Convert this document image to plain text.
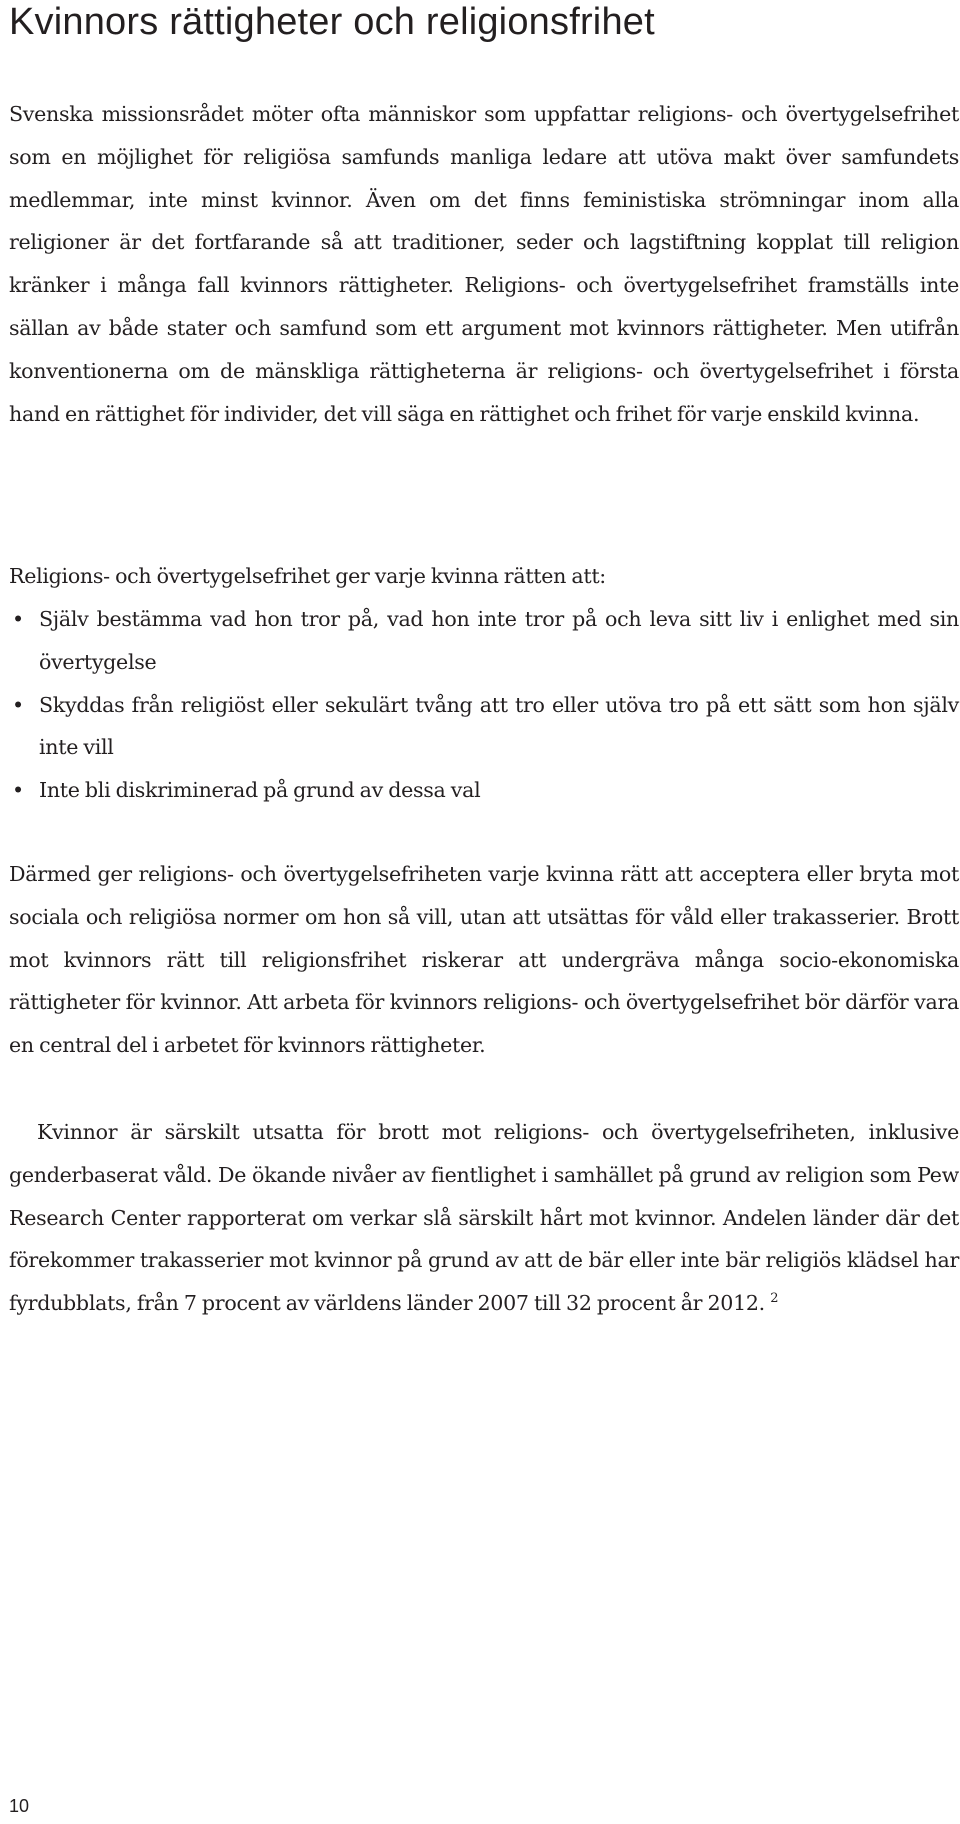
Kvinnors rättigheter och religionsfrihet

Svenska missionsrådet möter ofta människor som uppfattar religions- och övertygelsefrihet som en möjlighet för religiösa samfunds manliga ledare att utöva makt över samfundets medlemmar, inte minst kvinnor. Även om det finns feministiska strömningar inom alla religioner är det fortfarande så att traditioner, seder och lagstiftning kopplat till religion kränker i många fall kvinnors rättigheter. Religions- och övertygelsefrihet framställs inte sällan av både stater och samfund som ett argument mot kvinnors rättigheter. Men utifrån konventionerna om de mänskliga rättigheterna är religions- och övertygelsefrihet i första hand en rättighet för individer, det vill säga en rättighet och frihet för varje enskild kvinna.

Religions- och övertygelsefrihet ger varje kvinna rätten att:

• Själv bestämma vad hon tror på, vad hon inte tror på och leva sitt liv i enlighet med sin övertygelse
• Skyddas från religiöst eller sekulärt tvång att tro eller utöva tro på ett sätt som hon själv inte vill
• Inte bli diskriminerad på grund av dessa val

Därmed ger religions- och övertygelsefriheten varje kvinna rätt att acceptera eller bryta mot sociala och religiösa normer om hon så vill, utan att utsättas för våld eller trakasserier. Brott mot kvinnors rätt till religionsfrihet riskerar att undergräva många socio-ekonomiska rättigheter för kvinnor. Att arbeta för kvinnors religions- och övertygelsefrihet bör därför vara en central del i arbetet för kvinnors rättigheter.

Kvinnor är särskilt utsatta för brott mot religions- och övertygelsefriheten, inklusive genderbaserat våld. De ökande nivåer av fientlighet i samhället på grund av religion som Pew Research Center rapporterat om verkar slå särskilt hårt mot kvinnor. Andelen länder där det förekommer trakasserier mot kvinnor på grund av att de bär eller inte bär religiös klädsel har fyrdubblats, från 7 procent av världens länder 2007 till 32 procent år 2012. $^2$

10
